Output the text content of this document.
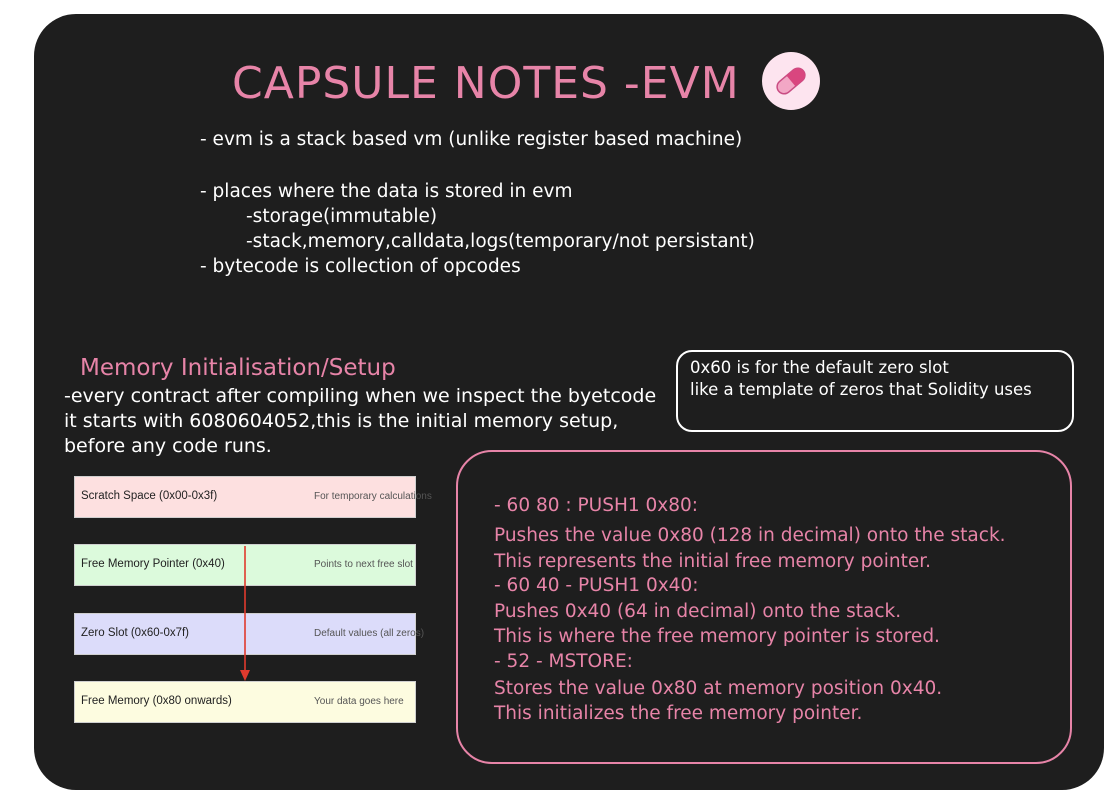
CAPSULE NOTES -EVM
- evm is a stack based vm (unlike register based machine)
- places where the data is stored in evm
-storage(immutable)
-stack,memory,calldata,logs(temporary/not persistant)
- bytecode is collection of opcodes
Memory Initialisation/Setup
-every contract after compiling when we inspect the byetcode
it starts with 6080604052,this is the initial memory setup,
before any code runs.
0x60 is for the default zero slot
like a template of zeros that Solidity uses
Scratch Space (0x00-0x3f)	For temporary calculations
Free Memory Pointer (0x40)	Points to next free slot
Zero Slot (0x60-0x7f)	Default values (all zeros)
Free Memory (0x80 onwards)	Your data goes here
- 60 80 : PUSH1 0x80:
Pushes the value 0x80 (128 in decimal) onto the stack.
This represents the initial free memory pointer.
- 60 40 - PUSH1 0x40:
Pushes 0x40 (64 in decimal) onto the stack.
This is where the free memory pointer is stored.
- 52 - MSTORE:
Stores the value 0x80 at memory position 0x40.
This initializes the free memory pointer.
